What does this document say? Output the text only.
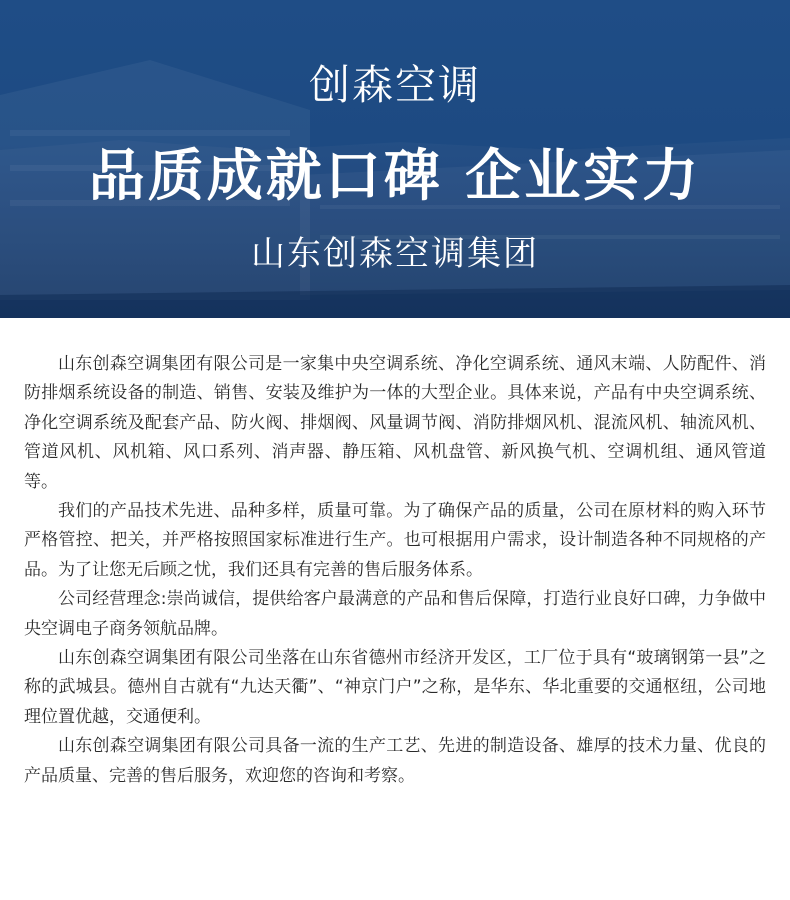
创森空调
品质成就口碑 企业实力
山东创森空调集团

山东创森空调集团有限公司是一家集中央空调系统、净化空调系统、通风末端、人防配件、消防排烟系统设备的制造、销售、安装及维护为一体的大型企业。具体来说，产品有中央空调系统、净化空调系统及配套产品、防火阀、排烟阀、风量调节阀、消防排烟风机、混流风机、轴流风机、管道风机、风机箱、风口系列、消声器、静压箱、风机盘管、新风换气机、空调机组、通风管道等。

我们的产品技术先进、品种多样，质量可靠。为了确保产品的质量，公司在原材料的购入环节严格管控、把关，并严格按照国家标准进行生产。也可根据用户需求，设计制造各种不同规格的产品。为了让您无后顾之忧，我们还具有完善的售后服务体系。

公司经营理念:崇尚诚信，提供给客户最满意的产品和售后保障，打造行业良好口碑，力争做中央空调电子商务领航品牌。

山东创森空调集团有限公司坐落在山东省德州市经济开发区，工厂位于具有“玻璃钢第一县”之称的武城县。德州自古就有“九达天衢”、“神京门户”之称，是华东、华北重要的交通枢纽，公司地理位置优越，交通便利。

山东创森空调集团有限公司具备一流的生产工艺、先进的制造设备、雄厚的技术力量、优良的产品质量、完善的售后服务，欢迎您的咨询和考察。
